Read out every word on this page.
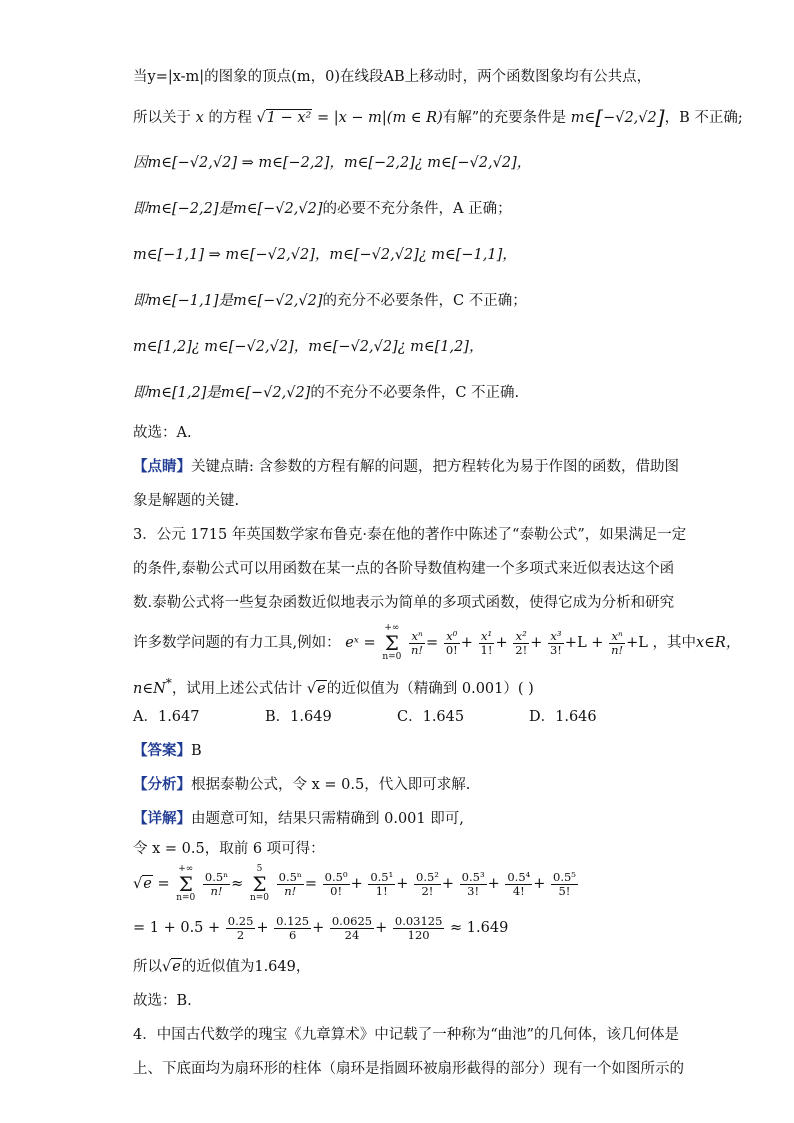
当y=|x-m|的图象的顶点(m，0)在线段AB上移动时，两个函数图象均有公共点，
所以关于 x 的方程 √1 − x² = |x − m|(m ∈ R)有解”的充要条件是 m∈[−√2,√2]，B 不正确;
因m∈[−√2,√2] ⇒ m∈[−2,2]，m∈[−2,2]¿ m∈[−√2,√2]，
即m∈[−2,2]是m∈[−√2,√2]的必要不充分条件，A 正确；
m∈[−1,1] ⇒ m∈[−√2,√2]，m∈[−√2,√2]¿ m∈[−1,1]，
即m∈[−1,1]是m∈[−√2,√2]的充分不必要条件，C 不正确；
m∈[1,2]¿ m∈[−√2,√2]，m∈[−√2,√2]¿ m∈[1,2]，
即m∈[1,2]是m∈[−√2,√2]的不充分不必要条件，C 不正确.
故选：A.
【点睛】关键点睛: 含参数的方程有解的问题，把方程转化为易于作图的函数，借助图
象是解题的关键.
3．公元 1715 年英国数学家布鲁克·泰在他的著作中陈述了“泰勒公式”，如果满足一定
的条件,泰勒公式可以用函数在某一点的各阶导数值构建一个多项式来近似表达这个函
数.泰勒公式将一些复杂函数近似地表示为简单的多项式函数，使得它成为分析和研究
许多数学问题的有力工具,例如： eˣ = +∞
Σ
n=0
$\frac{\text{xⁿ}}{n!} = \frac{\text{x⁰}}{0!} + \frac{\text{x¹}}{1!} + \frac{\text{x²}}{2!} + \frac{\text{x³}}{3!} +L + \frac{\text{xⁿ}}{n!} +L$ ，其中x∈R，
n∈N*，试用上述公式估计 √e的近似值为（精确到 0.001）( )
A．1.647	B．1.649	C．1.645	D．1.646
【答案】B
【分析】根据泰勒公式，令 x = 0.5，代入即可求解.
【详解】由题意可知，结果只需精确到 0.001 即可,
令 x = 0.5，取前 6 项可得：
√e = +∞
Σ
n=0
$\frac{\text{0.5ⁿ}}{n!} \approx 5$
Σ
n=0
$\frac{\text{0.5ⁿ}}{n!} = \frac{\text{0.5⁰}}{0!} + \frac{\text{0.5¹}}{1!} + \frac{\text{0.5²}}{2!} + \frac{\text{0.5³}}{3!} + \frac{\text{0.5⁴}}{4!} + \frac{\text{0.5⁵}}{5!}$
= $1 + 0.5 + \frac{0.25}{2} + \frac{0.125}{6} + \frac{0.0625}{24} + \frac{0.03125}{120} \approx 1.649$
所以√e的近似值为1.649，
故选：B.
4．中国古代数学的瑰宝《九章算术》中记载了一种称为“曲池”的几何体，该几何体是
上、下底面均为扇环形的柱体（扇环是指圆环被扇形截得的部分）现有一个如图所示的
